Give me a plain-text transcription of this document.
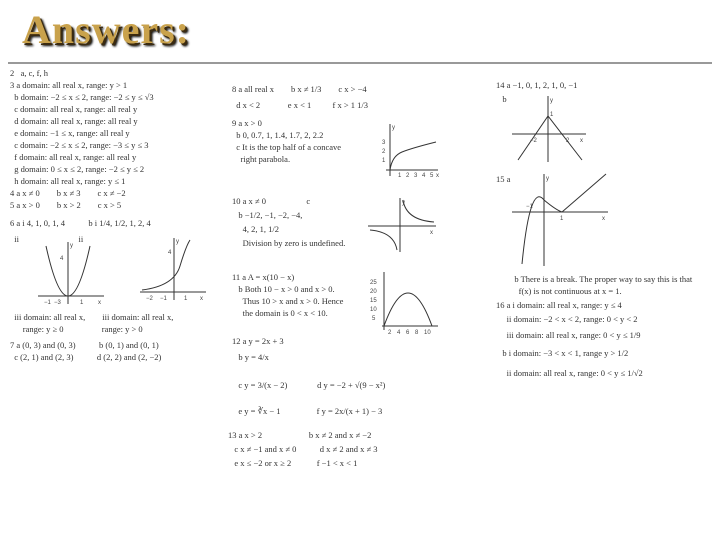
Answers:
2   a, c, f, h
3 a domain: all real x, range: y > 1
b domain: −2 ≤ x ≤ 2, range: −2 ≤ y ≤ √3
c domain: all real x, range: all real y
d domain: all real x, range: all real y
e domain: −1 ≤ x, range: all real y
c domain: −2 ≤ x ≤ 2, range: −3 ≤ y ≤ 3
f domain: all real x, range: all real y
g domain: 0 ≤ x ≤ 2, range: −2 ≤ y ≤ 2
h domain: all real x, range: y ≤ 1
4 a x ≠ 0        b x ≠ 3        c x ≠ −2
5 a x > 0        b x > 2        c x > 5
6 a i 4, 1, 0, 1, 4           b i 1/4, 1/2, 1, 2, 4
ii                            ii
iii domain: all real x,        iii domain: all real x,
range: y ≥ 0                  range: y > 0
7 a (0, 3) and (0, 3)           b (0, 1) and (0, 1)
c (2, 1) and (2, 3)           d (2, 2) and (2, −2)
x
y
−1 −3	1
4
x
y
−2 −1	1
4
8 a all real x        b x ≠ 1/3        c x > −4
d x < 2             e x < 1          f x > 1 1/3
9 a x > 0
b 0, 0.7, 1, 1.4, 1.7, 2, 2.2
c It is the top half of a concave
right parabola.
10 a x ≠ 0                   c
b −1/2, −1, −2, −4,
4, 2, 1, 1/2
Division by zero is undefined.
11 a A = x(10 − x)
b Both 10 − x > 0 and x > 0.
Thus 10 > x and x > 0. Hence
the domain is 0 < x < 10.
12 a y = 2x + 3
b y = 4/x
c y = 3/(x − 2)              d y = −2 + √(9 − x²)
e y = ∛x − 1                 f y = 2x/(x + 1) − 3
13 a x > 2                      b x ≠ 2 and x ≠ −2
c x ≠ −1 and x ≠ 0           d x ≠ 2 and x ≠ 3
e x ≤ −2 or x ≥ 2            f −1 < x < 1
x
y
1
2
3
1 2 3 4 5
x
y
25
20
15
10
5
2 4 6 8 10
14 a −1, 0, 1, 2, 1, 0, −1
b
15 a
b There is a break. The proper way to say this is that
f(x) is not continuous at x = 1.
16 a i domain: all real x, range: y ≤ 4
ii domain: −2 < x < 2, range: 0 < y < 2
iii domain: all real x, range: 0 < y ≤ 1/9
b i domain: −3 < x < 1, range y > 1/2
ii domain: all real x, range: 0 < y ≤ 1/√2
x
y
−2	2
1
x
y
−1
1
